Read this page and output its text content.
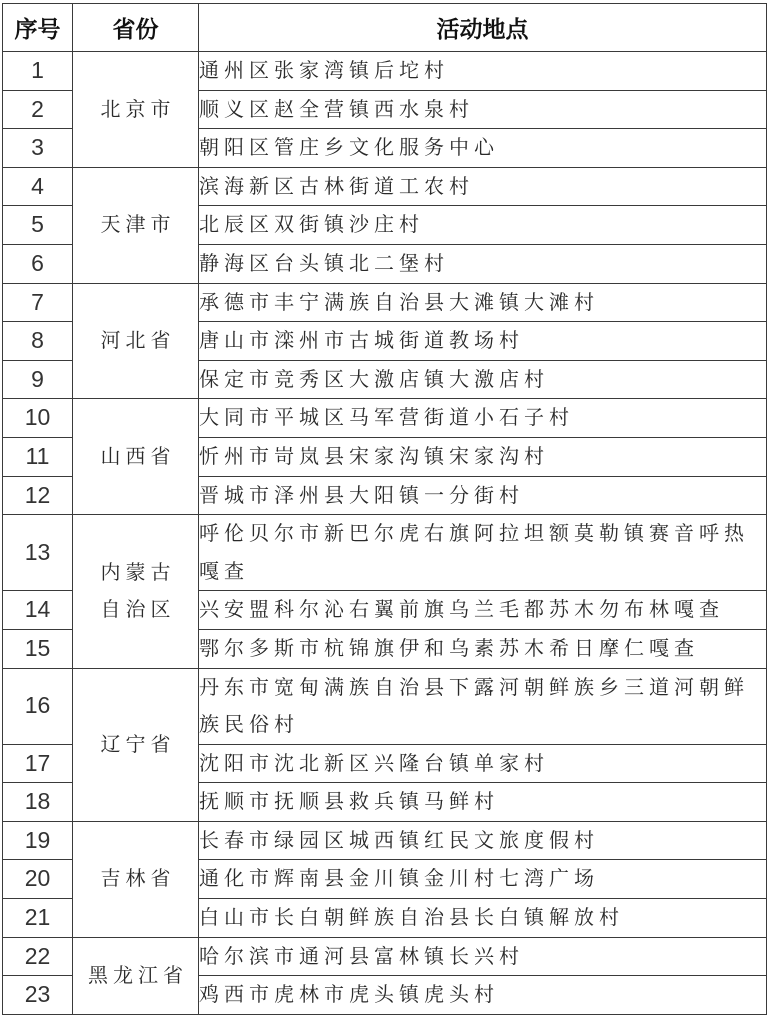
序号	省份	活动地点
1	北京市	通州区张家湾镇后坨村
2		顺义区赵全营镇西水泉村
3		朝阳区管庄乡文化服务中心
4	天津市	滨海新区古林街道工农村
5		北辰区双街镇沙庄村
6		静海区台头镇北二堡村
7	河北省	承德市丰宁满族自治县大滩镇大滩村
8		唐山市滦州市古城街道教场村
9		保定市竞秀区大激店镇大激店村
10	山西省	大同市平城区马军营街道小石子村
11		忻州市岢岚县宋家沟镇宋家沟村
12		晋城市泽州县大阳镇一分街村
13	内蒙古自治区	呼伦贝尔市新巴尔虎右旗阿拉坦额莫勒镇赛音呼热嘎查
14		兴安盟科尔沁右翼前旗乌兰毛都苏木勿布林嘎查
15		鄂尔多斯市杭锦旗伊和乌素苏木希日摩仁嘎查
16	辽宁省	丹东市宽甸满族自治县下露河朝鲜族乡三道河朝鲜族民俗村
17		沈阳市沈北新区兴隆台镇单家村
18		抚顺市抚顺县救兵镇马鲜村
19	吉林省	长春市绿园区城西镇红民文旅度假村
20		通化市辉南县金川镇金川村七湾广场
21		白山市长白朝鲜族自治县长白镇解放村
22	黑龙江省	哈尔滨市通河县富林镇长兴村
23		鸡西市虎林市虎头镇虎头村
